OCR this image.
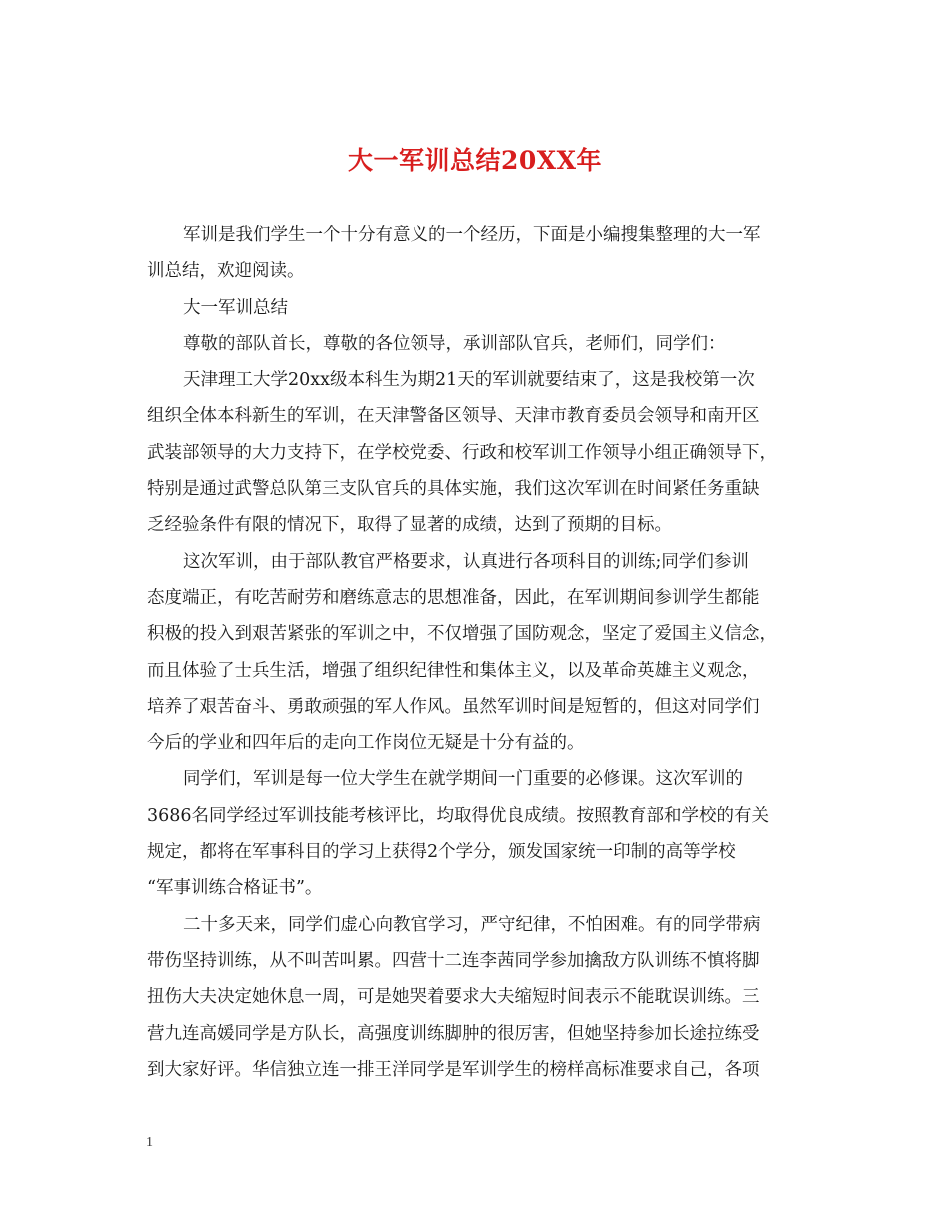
大一军训总结20XX年
军训是我们学生一个十分有意义的一个经历，下面是小编搜集整理的大一军
训总结，欢迎阅读。
大一军训总结
尊敬的部队首长，尊敬的各位领导，承训部队官兵，老师们，同学们：
天津理工大学20xx级本科生为期21天的军训就要结束了，这是我校第一次
组织全体本科新生的军训，在天津警备区领导、天津市教育委员会领导和南开区
武装部领导的大力支持下，在学校党委、行政和校军训工作领导小组正确领导下，
特别是通过武警总队第三支队官兵的具体实施，我们这次军训在时间紧任务重缺
乏经验条件有限的情况下，取得了显著的成绩，达到了预期的目标。
这次军训，由于部队教官严格要求，认真进行各项科目的训练;同学们参训
态度端正，有吃苦耐劳和磨练意志的思想准备，因此，在军训期间参训学生都能
积极的投入到艰苦紧张的军训之中，不仅增强了国防观念，坚定了爱国主义信念，
而且体验了士兵生活，增强了组织纪律性和集体主义，以及革命英雄主义观念，
培养了艰苦奋斗、勇敢顽强的军人作风。虽然军训时间是短暂的，但这对同学们
今后的学业和四年后的走向工作岗位无疑是十分有益的。
同学们，军训是每一位大学生在就学期间一门重要的必修课。这次军训的
3686名同学经过军训技能考核评比，均取得优良成绩。按照教育部和学校的有关
规定，都将在军事科目的学习上获得2个学分，颁发国家统一印制的高等学校
“军事训练合格证书”。
二十多天来，同学们虚心向教官学习，严守纪律，不怕困难。有的同学带病
带伤坚持训练，从不叫苦叫累。四营十二连李茜同学参加擒敌方队训练不慎将脚
扭伤大夫决定她休息一周，可是她哭着要求大夫缩短时间表示不能耽误训练。三
营九连高媛同学是方队长，高强度训练脚肿的很厉害，但她坚持参加长途拉练受
到大家好评。华信独立连一排王洋同学是军训学生的榜样高标准要求自己，各项
1
